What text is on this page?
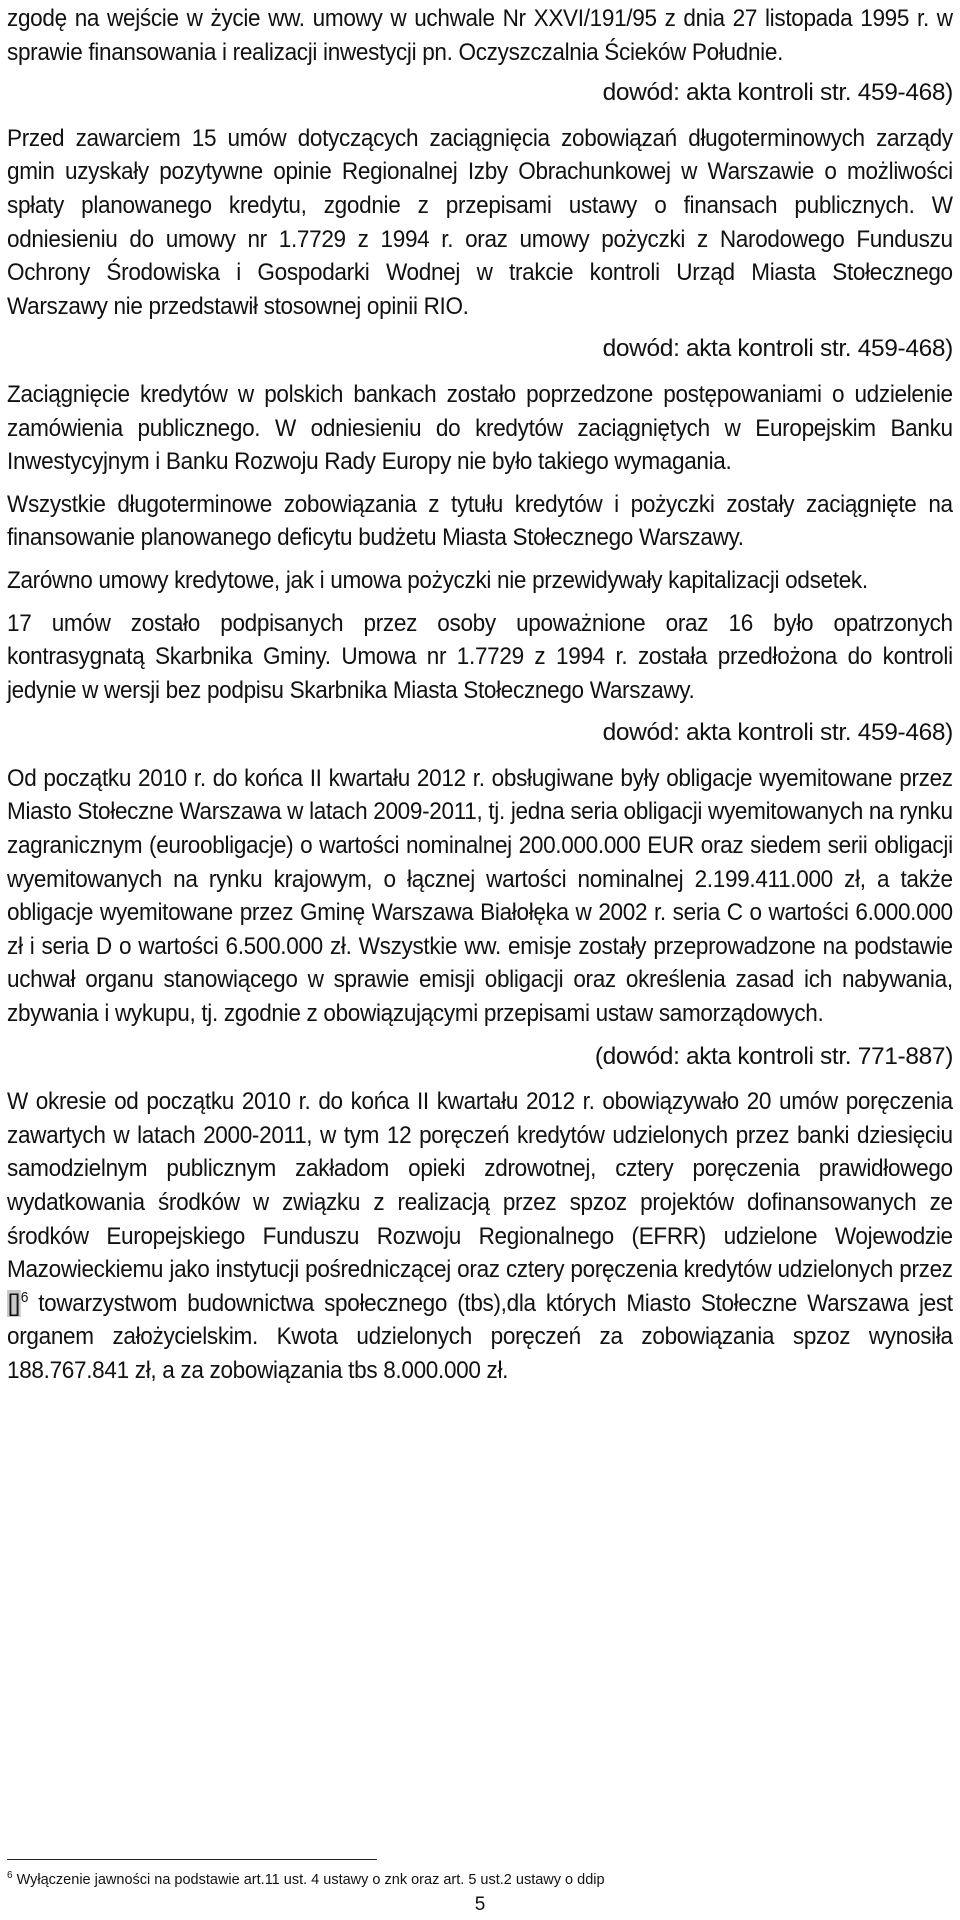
zgodę na wejście w życie ww. umowy w uchwale Nr XXVI/191/95 z dnia 27 listopada 1995 r. w sprawie finansowania i realizacji inwestycji pn. Oczyszczalnia Ścieków Południe.

dowód: akta kontroli str. 459-468)

Przed zawarciem 15 umów dotyczących zaciągnięcia zobowiązań długoterminowych zarządy gmin uzyskały pozytywne opinie Regionalnej Izby Obrachunkowej w Warszawie o możliwości spłaty planowanego kredytu, zgodnie z przepisami ustawy o finansach publicznych. W odniesieniu do umowy nr 1.7729 z 1994 r. oraz umowy pożyczki z Narodowego Funduszu Ochrony Środowiska i Gospodarki Wodnej w trakcie kontroli Urząd Miasta Stołecznego Warszawy nie przedstawił stosownej opinii RIO.

dowód: akta kontroli str. 459-468)

Zaciągnięcie kredytów w polskich bankach zostało poprzedzone postępowaniami o udzielenie zamówienia publicznego. W odniesieniu do kredytów zaciągniętych w Europejskim Banku Inwestycyjnym i Banku Rozwoju Rady Europy nie było takiego wymagania.

Wszystkie długoterminowe zobowiązania z tytułu kredytów i pożyczki zostały zaciągnięte na finansowanie planowanego deficytu budżetu Miasta Stołecznego Warszawy.

Zarówno umowy kredytowe, jak i umowa pożyczki nie przewidywały kapitalizacji odsetek.

17 umów zostało podpisanych przez osoby upoważnione oraz 16 było opatrzonych kontrasygnatą Skarbnika Gminy. Umowa nr 1.7729 z 1994 r. została przedłożona do kontroli jedynie w wersji bez podpisu Skarbnika Miasta Stołecznego Warszawy.

dowód: akta kontroli str. 459-468)

Od początku 2010 r. do końca II kwartału 2012 r. obsługiwane były obligacje wyemitowane przez Miasto Stołeczne Warszawa w latach 2009-2011, tj. jedna seria obligacji wyemitowanych na rynku zagranicznym (euroobligacje) o wartości nominalnej 200.000.000 EUR oraz siedem serii obligacji wyemitowanych na rynku krajowym, o łącznej wartości nominalnej 2.199.411.000 zł, a także obligacje wyemitowane przez Gminę Warszawa Białołęka w 2002 r. seria C o wartości 6.000.000 zł i seria D o wartości 6.500.000 zł. Wszystkie ww. emisje zostały przeprowadzone na podstawie uchwał organu stanowiącego w sprawie emisji obligacji oraz określenia zasad ich nabywania, zbywania i wykupu, tj. zgodnie z obowiązującymi przepisami ustaw samorządowych.

(dowód: akta kontroli str. 771-887)

W okresie od początku 2010 r. do końca II kwartału 2012 r. obowiązywało 20 umów poręczenia zawartych w latach 2000-2011, w tym 12 poręczeń kredytów udzielonych przez banki dziesięciu samodzielnym publicznym zakładom opieki zdrowotnej, cztery poręczenia prawidłowego wydatkowania środków w związku z realizacją przez spzoz projektów dofinansowanych ze środków Europejskiego Funduszu Rozwoju Regionalnego (EFRR) udzielone Wojewodzie Mazowieckiemu jako instytucji pośredniczącej oraz cztery poręczenia kredytów udzielonych przez []$^6$ towarzystwom budownictwa społecznego (tbs),dla których Miasto Stołeczne Warszawa jest organem założycielskim. Kwota udzielonych poręczeń za zobowiązania spzoz wynosiła 188.767.841 zł, a za zobowiązania tbs 8.000.000 zł.

$^6$ Wyłączenie jawności na podstawie art.11 ust. 4 ustawy o znk oraz art. 5 ust.2 ustawy o ddip
5
